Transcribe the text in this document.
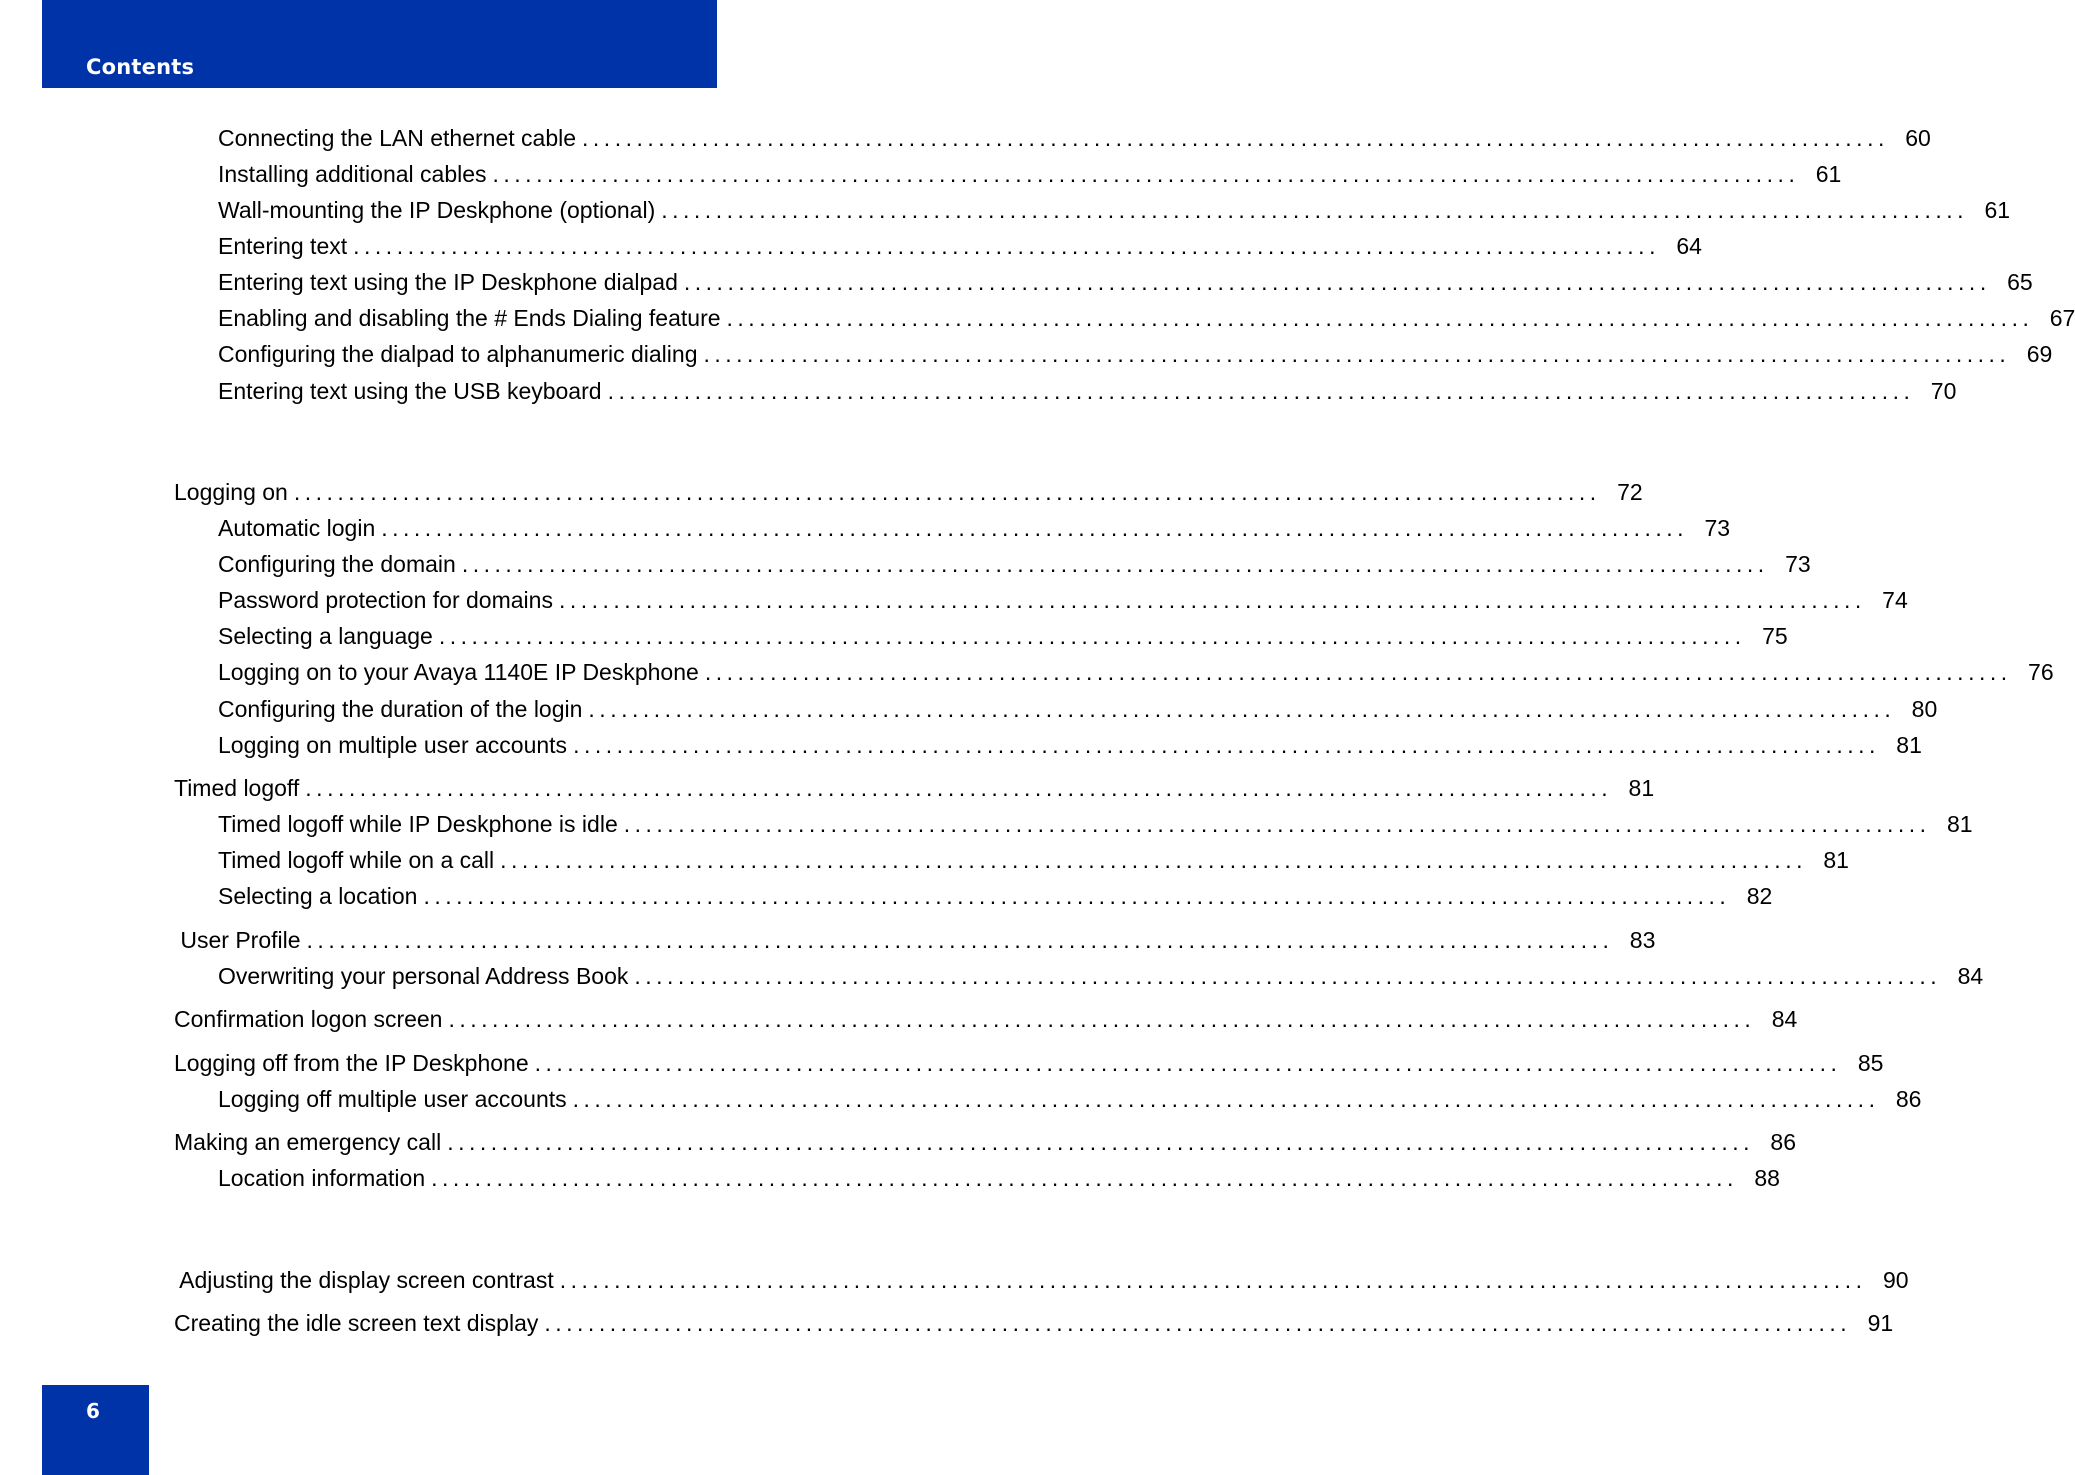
Contents
Connecting the LAN ethernet cable ........................................................................................................................ 60
Installing additional cables ........................................................................................................................ 61
Wall-mounting the IP Deskphone (optional) ........................................................................................................................ 61
Entering text ........................................................................................................................ 64
Entering text using the IP Deskphone dialpad ........................................................................................................................ 65
Enabling and disabling the # Ends Dialing feature ........................................................................................................................ 67
Configuring the dialpad to alphanumeric dialing ........................................................................................................................ 69
Entering text using the USB keyboard ........................................................................................................................ 70
Logging on ........................................................................................................................ 72
Automatic login ........................................................................................................................ 73
Configuring the domain ........................................................................................................................ 73
Password protection for domains ........................................................................................................................ 74
Selecting a language ........................................................................................................................ 75
Logging on to your Avaya 1140E IP Deskphone ........................................................................................................................ 76
Configuring the duration of the login ........................................................................................................................ 80
Logging on multiple user accounts ........................................................................................................................ 81
Timed logoff ........................................................................................................................ 81
Timed logoff while IP Deskphone is idle ........................................................................................................................ 81
Timed logoff while on a call ........................................................................................................................ 81
Selecting a location ........................................................................................................................ 82
User Profile ........................................................................................................................ 83
Overwriting your personal Address Book ........................................................................................................................ 84
Confirmation logon screen ........................................................................................................................ 84
Logging off from the IP Deskphone ........................................................................................................................ 85
Logging off multiple user accounts ........................................................................................................................ 86
Making an emergency call ........................................................................................................................ 86
Location information ........................................................................................................................ 88
Adjusting the display screen contrast ........................................................................................................................ 90
Creating the idle screen text display ........................................................................................................................ 91
6
